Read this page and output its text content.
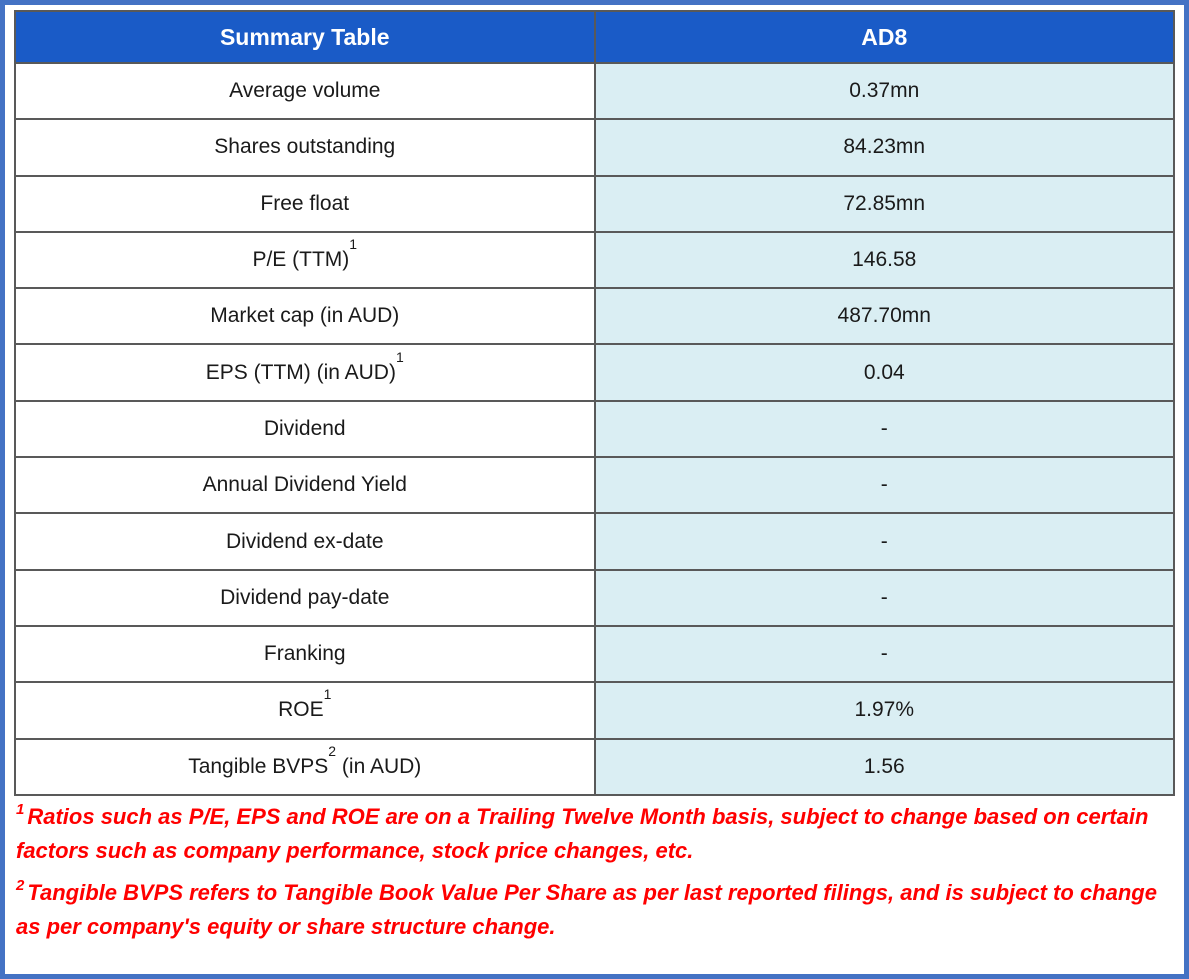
Summary Table	AD8
Average volume	0.37mn
Shares outstanding	84.23mn
Free float	72.85mn
P/E (TTM)$^1$	146.58
Market cap (in AUD)	487.70mn
EPS (TTM) (in AUD)$^1$	0.04
Dividend	-
Annual Dividend Yield	-
Dividend ex-date	-
Dividend pay-date	-
Franking	-
ROE$^1$	1.97%
Tangible BVPS$^2$ (in AUD)	1.56

$^1$ Ratios such as P/E, EPS and ROE are on a Trailing Twelve Month basis, subject to change based on certain factors such as company performance, stock price changes, etc.

$^2$ Tangible BVPS refers to Tangible Book Value Per Share as per last reported filings, and is subject to change as per company's equity or share structure change.
